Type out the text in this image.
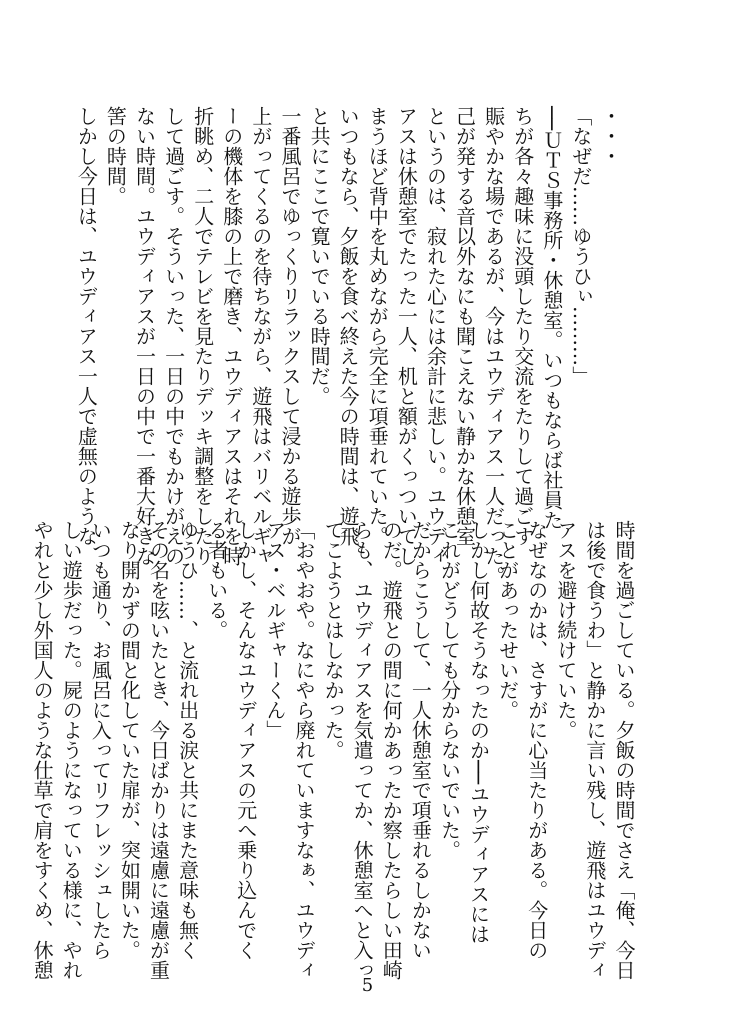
・・・

「なぜだ……ゆうひぃ………」

──ＵＴＳ事務所・休憩室。いつもならば社員た

ちが各々趣味に没頭したり交流をたりして過ごす

賑やかな場であるが、今はユウディアス一人だった。

己が発する音以外なにも聞こえない静かな休憩室

というのは、寂れた心には余計に悲しい。ユウディ

アスは休憩室でたった一人、机と額がくっついてし

まうほど背中を丸めながら完全に項垂れていた。

いつもなら、夕飯を食べ終えた今の時間は、遊飛

と共にここで寛いでいる時間だ。

一番風呂でゆっくりリラックスして浸かる遊歩が

上がってくるのを待ちながら、遊飛はバリベルギャ

ーの機体を膝の上で磨き、ユウディアスはそれを時

折眺め、二人でテレビを見たりデッキ調整をしたり

して過ごす。そういった、一日の中でもかけがえの

ない時間。ユウディアスが一日の中で一番大好きな

筈の時間。

しかし今日は、ユウディアス一人で虚無のような

時間を過ごしている。夕飯の時間でさえ「俺、今日

は後で食うわ」と静かに言い残し、遊飛はユウディ

アスを避け続けていた。

なぜなのかは、さすがに心当たりがある。今日の

ことがあったせいだ。

しかし何故そうなったのか──ユウディアスには

これがどうしても分からないでいた。

だからこうして、一人休憩室で項垂れるしかない

のだ。遊飛との間に何かあったか察したらしい田崎

らも、ユウディアスを気遣ってか、休憩室へと入っ

てこようとはしなかった。

「おやおや。なにやら廃れていますなぁ、ユウディ

アス・ベルギャーくん」

しかし、そんなユウディアスの元へ乗り込んでく

る者もいる。

ゆうひ……、と流れ出る涙と共にまた意味も無く

その名を呟いたとき、今日ばかりは遠慮に遠慮が重

なり開かずの間と化していた扉が、突如開いた。

いつも通り、お風呂に入ってリフレッシュしたら

しい遊歩だった。屍のようになっている様に、やれ

やれと少し外国人のような仕草で肩をすくめ、休憩

5
